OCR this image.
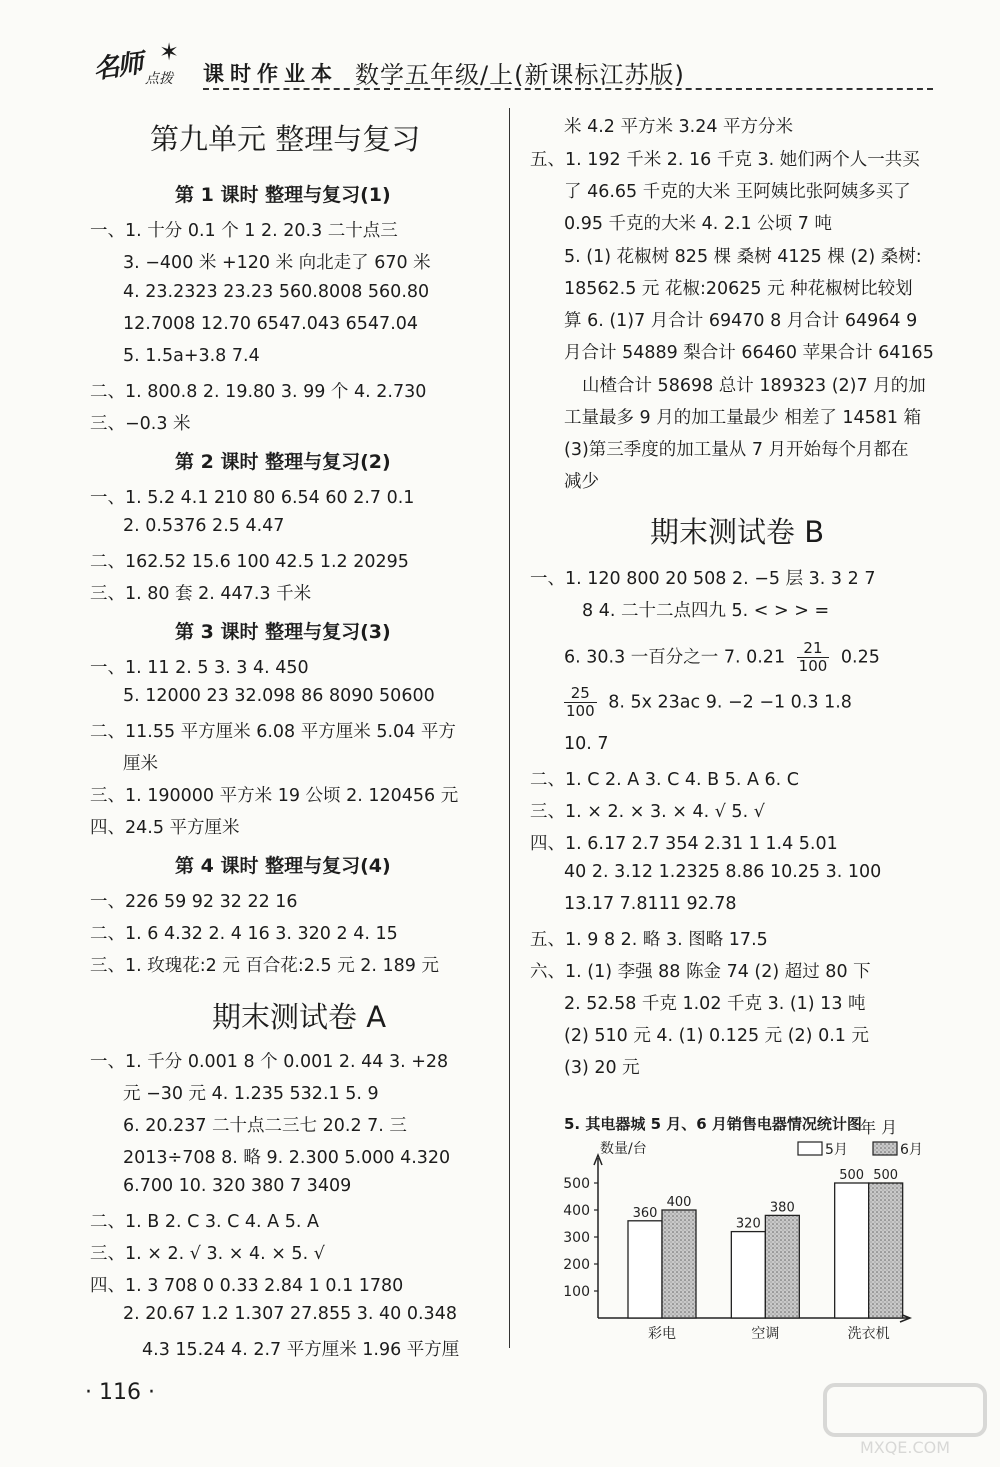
名师 ✶
点拨 课时作业本 数学五年级/上(新课标江苏版)
第九单元 整理与复习
第 1 课时 整理与复习(1)
一、1. 十分 0.1 个 1 2. 20.3 二十点三
3. −400 米 +120 米 向北走了 670 米
4. 23.2323 23.23 560.8008 560.80
12.7008 12.70 6547.043 6547.04
5. 1.5a+3.8 7.4
二、1. 800.8 2. 19.80 3. 99 个 4. 2.730
三、−0.3 米
第 2 课时 整理与复习(2)
一、1. 5.2 4.1 210 80 6.54 60 2.7 0.1
2. 0.5376 2.5 4.47
二、162.52 15.6 100 42.5 1.2 20295
三、1. 80 套 2. 447.3 千米
第 3 课时 整理与复习(3)
一、1. 11 2. 5 3. 3 4. 450
5. 12000 23 32.098 86 8090 50600
二、11.55 平方厘米 6.08 平方厘米 5.04 平方
厘米
三、1. 190000 平方米 19 公顷 2. 120456 元
四、24.5 平方厘米
第 4 课时 整理与复习(4)
一、226 59 92 32 22 16
二、1. 6 4.32 2. 4 16 3. 320 2 4. 15
三、1. 玫瑰花:2 元 百合花:2.5 元 2. 189 元
期末测试卷 A
一、1. 千分 0.001 8 个 0.001 2. 44 3. +28
元 −30 元 4. 1.235 532.1 5. 9
6. 20.237 二十点二三七 20.2 7. 三
2013÷708 8. 略 9. 2.300 5.000 4.320
6.700 10. 320 380 7 3409
二、1. B 2. C 3. C 4. A 5. A
三、1. × 2. √ 3. × 4. × 5. √
四、1. 3 708 0 0.33 2.84 1 0.1 1780
2. 20.67 1.2 1.307 27.855 3. 40 0.348
4.3 15.24 4. 2.7 平方厘米 1.96 平方厘
米 4.2 平方米 3.24 平方分米
五、1. 192 千米 2. 16 千克 3. 她们两个人一共买
了 46.65 千克的大米 王阿姨比张阿姨多买了
0.95 千克的大米 4. 2.1 公顷 7 吨
5. (1) 花椒树 825 棵 桑树 4125 棵 (2) 桑树:
18562.5 元 花椒:20625 元 种花椒树比较划
算 6. (1)7 月合计 69470 8 月合计 64964 9
月合计 54889 梨合计 66460 苹果合计 64165
山楂合计 58698 总计 189323 (2)7 月的加
工量最多 9 月的加工量最少 相差了 14581 箱
(3)第三季度的加工量从 7 月开始每个月都在
减少
期末测试卷 B
一、1. 120 800 20 508 2. −5 层 3. 3 2 7
8 4. 二十二点四九 5. < > > =
6. 30.3 一百分之一 7. $0.21 \frac{21}{100} 0.25$
$\frac{25}{100} 8$. 5x 23ac 9. −2 −1 0.3 1.8
10. 7
二、1. C 2. A 3. C 4. B 5. A 6. C
三、1. × 2. × 3. × 4. √ 5. √
四、1. 6.17 2.7 354 2.31 1 1.4 5.01
40 2. 3.12 1.2325 8.86 10.25 3. 100
13.17 7.8111 92.78
五、1. 9 8 2. 略 3. 图略 17.5
六、1. (1) 李强 88 陈金 74 (2) 超过 80 下
2. 52.58 千克 1.02 千克 3. (1) 13 吨
(2) 510 元 4. (1) 0.125 元 (2) 0.1 元
(3) 20 元
5. 其电器城 5 月、6 月销售电器情况统计图
数量/台
100
200
300
400
500
360
400
彩电
320
380
空调
500 500
洗衣机
5月	6月
年 月
· 116 ·
MXQE.COM
